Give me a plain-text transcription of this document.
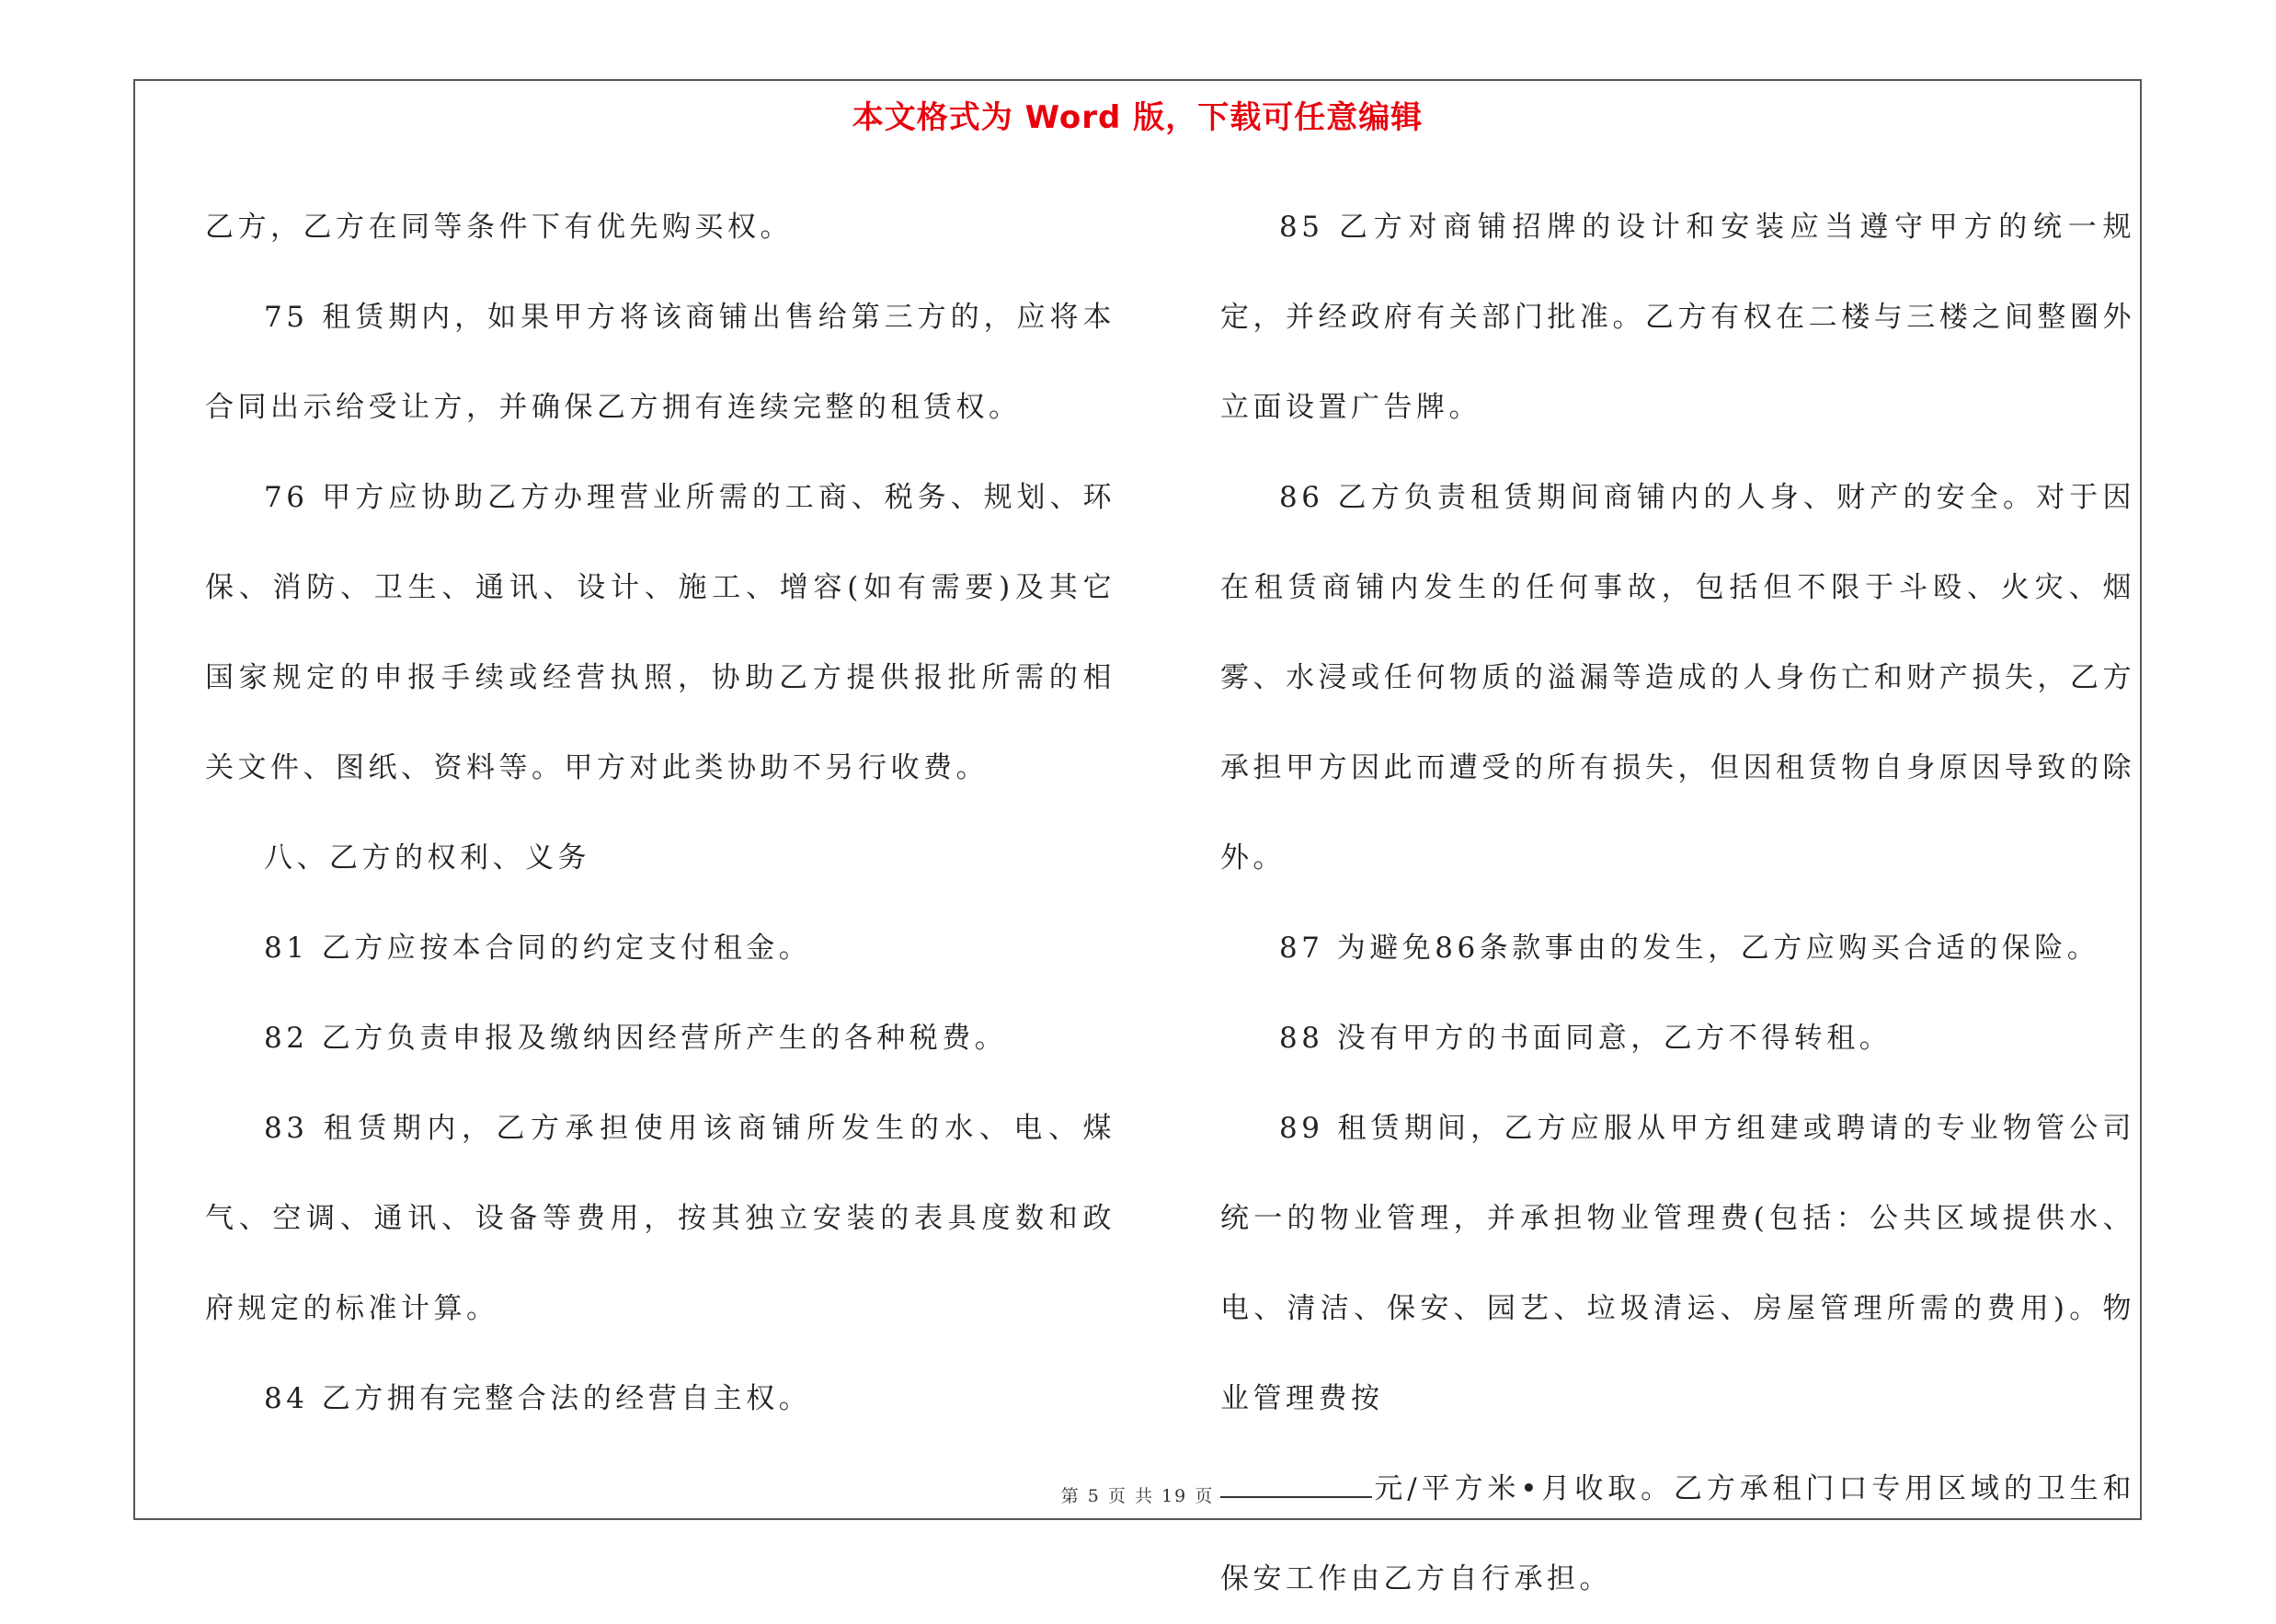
本文格式为 Word 版，下载可任意编辑

乙方，乙方在同等条件下有优先购买权。

75 租赁期内，如果甲方将该商铺出售给第三方的，应将本合同出示给受让方，并确保乙方拥有连续完整的租赁权。

76 甲方应协助乙方办理营业所需的工商、税务、规划、环保、消防、卫生、通讯、设计、施工、增容(如有需要)及其它国家规定的申报手续或经营执照，协助乙方提供报批所需的相关文件、图纸、资料等。甲方对此类协助不另行收费。

八、乙方的权利、义务

81 乙方应按本合同的约定支付租金。

82 乙方负责申报及缴纳因经营所产生的各种税费。

83 租赁期内，乙方承担使用该商铺所发生的水、电、煤气、空调、通讯、设备等费用，按其独立安装的表具度数和政府规定的标准计算。

84 乙方拥有完整合法的经营自主权。

85 乙方对商铺招牌的设计和安装应当遵守甲方的统一规定，并经政府有关部门批准。乙方有权在二楼与三楼之间整圈外立面设置广告牌。

86 乙方负责租赁期间商铺内的人身、财产的安全。对于因在租赁商铺内发生的任何事故，包括但不限于斗殴、火灾、烟雾、水浸或任何物质的溢漏等造成的人身伤亡和财产损失，乙方承担甲方因此而遭受的所有损失，但因租赁物自身原因导致的除外。

87 为避免86条款事由的发生，乙方应购买合适的保险。

88 没有甲方的书面同意，乙方不得转租。

89 租赁期间，乙方应服从甲方组建或聘请的专业物管公司统一的物业管理，并承担物业管理费(包括：公共区域提供水、电、清洁、保安、园艺、垃圾清运、房屋管理所需的费用)。物业管理费按

元/平方米•月收取。乙方承租门口专用区域的卫生和保安工作由乙方自行承担。

第 5 页 共 19 页
